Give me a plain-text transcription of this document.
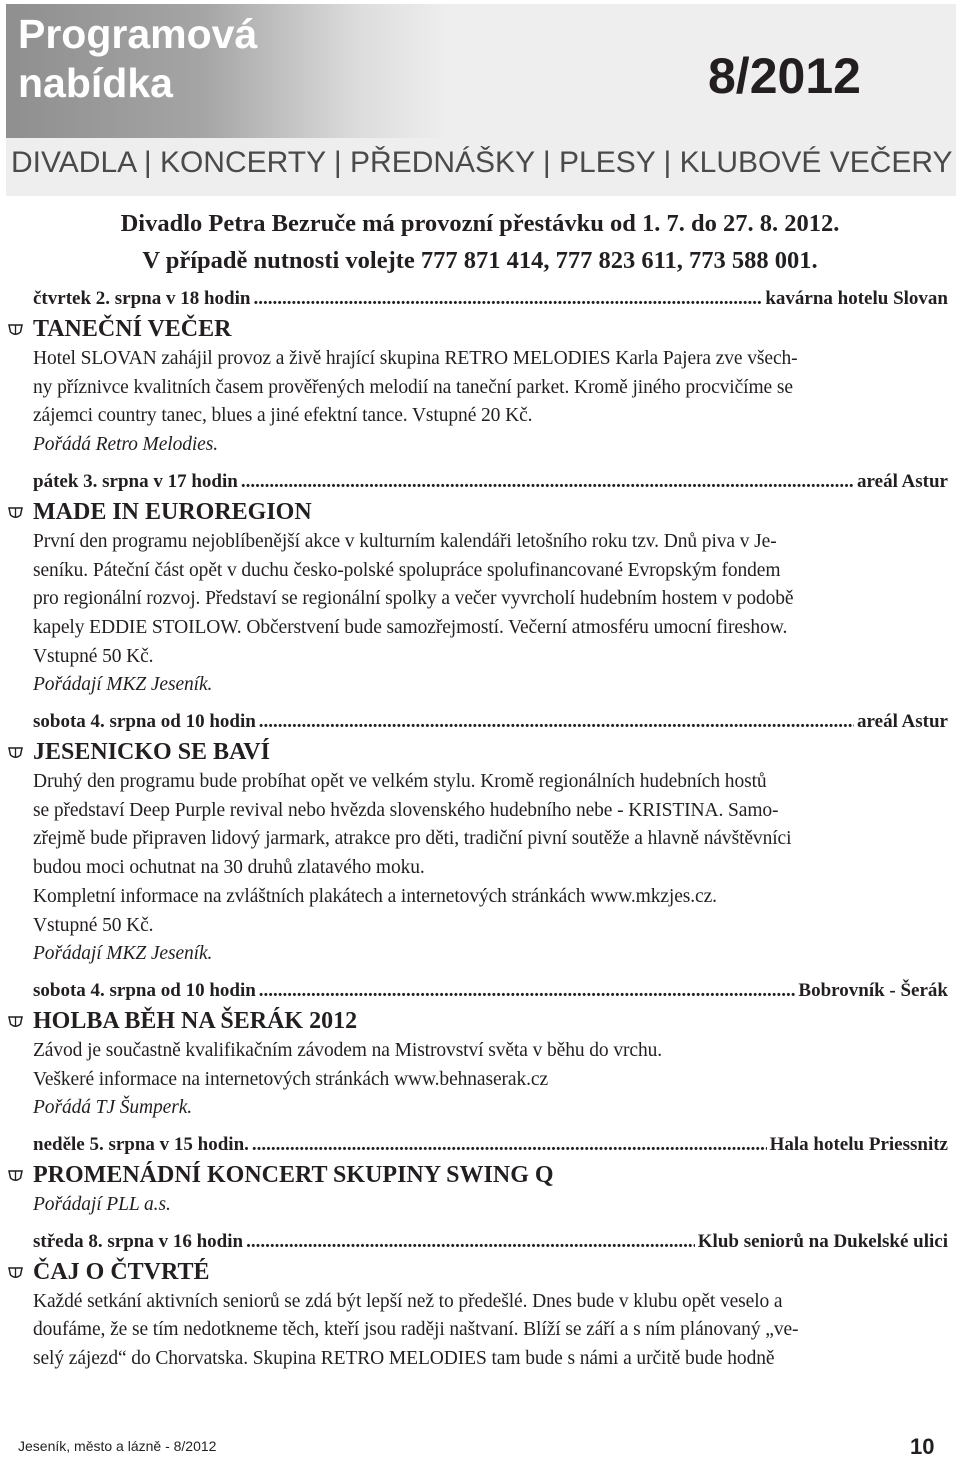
Programová
nabídka	8/2012
DIVADLA | KONCERTY | PŘEDNÁŠKY | PLESY | KLUBOVÉ VEČERY
Divadlo Petra Bezruče má provozní přestávku od 1. 7. do 27. 8. 2012.
V případě nutnosti volejte 777 871 414, 777 823 611, 773 588 001.
čtvrtek 2. srpna v 18 hodin .....	kavárna hotelu Slovan
TANEČNÍ VEČER
Hotel SLOVAN zahájil provoz a živě hrající skupina RETRO MELODIES Karla Pajera zve všech-
ny příznivce kvalitních časem prověřených melodií na taneční parket. Kromě jiného procvičíme se
zájemci country tanec, blues a jiné efektní tance. Vstupné 20 Kč.
Pořádá Retro Melodies.
pátek 3. srpna v 17 hodin .....	areál Astur
MADE IN EUROREGION
První den programu nejoblíbenější akce v kulturním kalendáři letošního roku tzv. Dnů piva v Je-
seníku. Páteční část opět v duchu česko-polské spolupráce spolufinancované Evropským fondem
pro regionální rozvoj. Představí se regionální spolky a večer vyvrcholí hudebním hostem v podobě
kapely EDDIE STOILOW. Občerstvení bude samozřejmostí. Večerní atmosféru umocní fireshow.
Vstupné 50 Kč.
Pořádají MKZ Jeseník.
sobota 4. srpna od 10 hodin .....	areál Astur
JESENICKO SE BAVÍ
Druhý den programu bude probíhat opět ve velkém stylu. Kromě regionálních hudebních hostů
se představí Deep Purple revival nebo hvězda slovenského hudebního nebe - KRISTINA. Samo-
zřejmě bude připraven lidový jarmark, atrakce pro děti, tradiční pivní soutěže a hlavně návštěvníci
budou moci ochutnat na 30 druhů zlatavého moku.
Kompletní informace na zvláštních plakátech a internetových stránkách www.mkzjes.cz.
Vstupné 50 Kč.
Pořádají MKZ Jeseník.
sobota 4. srpna od 10 hodin .....	Bobrovník - Šerák
HOLBA BĚH NA ŠERÁK 2012
Závod je součastně kvalifikačním závodem na Mistrovství světa v běhu do vrchu.
Veškeré informace na internetových stránkách www.behnaserak.cz
Pořádá TJ Šumperk.
neděle 5. srpna v 15 hodin. .....	Hala hotelu Priessnitz
PROMENÁDNÍ KONCERT SKUPINY SWING Q
Pořádají PLL a.s.
středa 8. srpna v 16 hodin .....	Klub seniorů na Dukelské ulici
ČAJ O ČTVRTÉ
Každé setkání aktivních seniorů se zdá být lepší než to předešlé. Dnes bude v klubu opět veselo a
doufáme, že se tím nedotkneme těch, kteří jsou raději naštvaní. Blíží se září a s ním plánovaný „ve-
selý zájezd“ do Chorvatska. Skupina RETRO MELODIES tam bude s námi a určitě bude hodně
Jeseník, město a lázně - 8/2012	10
